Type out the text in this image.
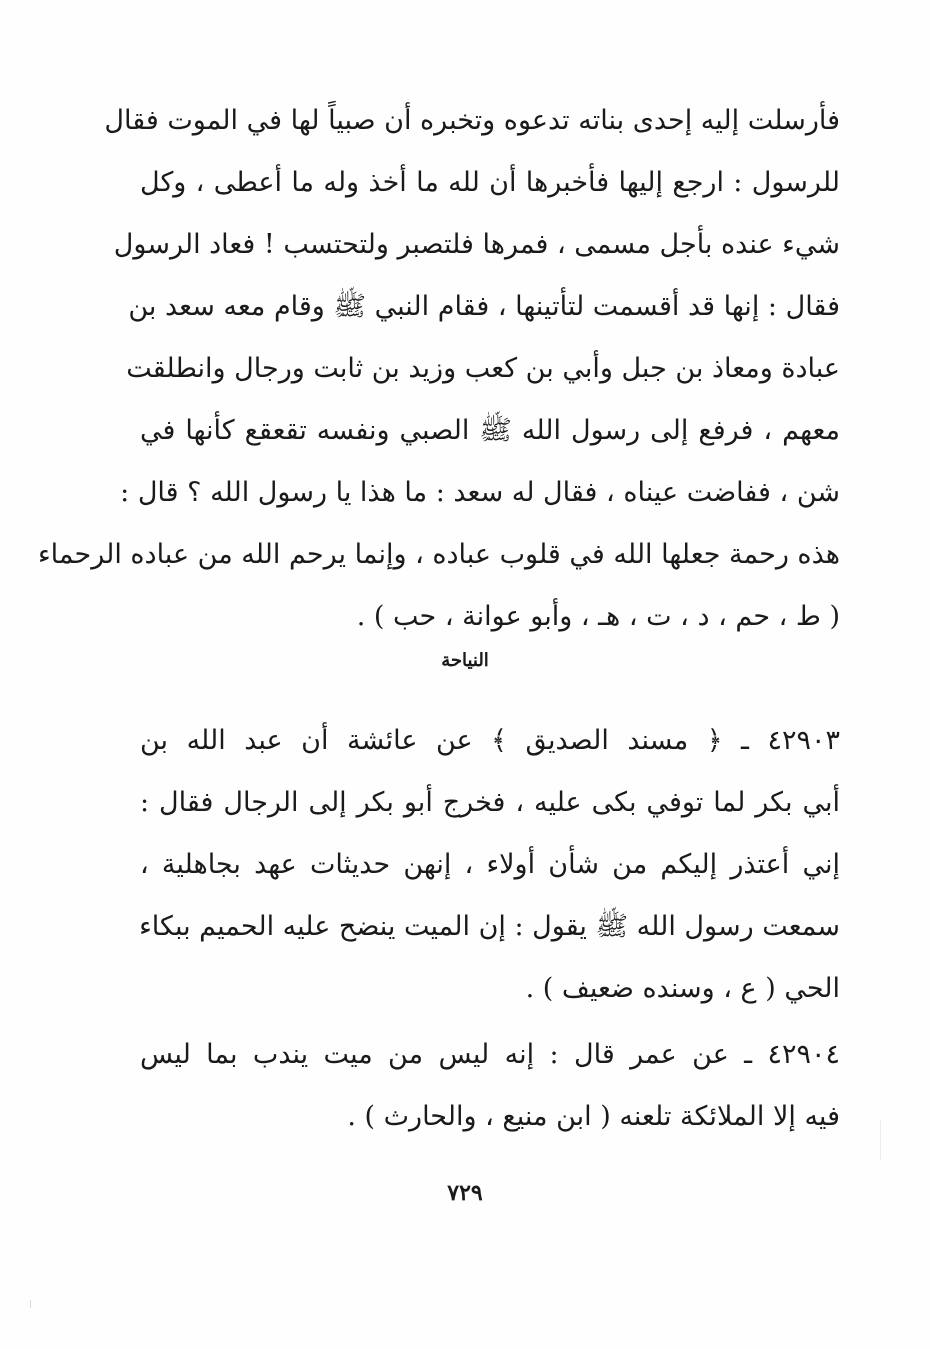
فأرسلت إليه إحدى بناته تدعوه وتخبره أن صبياً لها في الموت فقال
للرسول : ارجع إليها فأخبرها أن لله ما أخذ وله ما أعطى ، وكل
شيء عنده بأجل مسمى ، فمرها فلتصبر ولتحتسب ! فعاد الرسول
فقال : إنها قد أقسمت لتأتينها ، فقام النبي ﷺ وقام معه سعد بن
عبادة ومعاذ بن جبل وأبي بن كعب وزيد بن ثابت ورجال وانطلقت
معهم ، فرفع إلى رسول الله ﷺ الصبي ونفسه تقعقع كأنها في
شن ، ففاضت عيناه ، فقال له سعد : ما هذا يا رسول الله ؟ قال :
هذه رحمة جعلها الله في قلوب عباده ، وإنما يرحم الله من عباده الرحماء
( ط ، حم ، د ، ت ، هـ ، وأبو عوانة ، حب ) .
النياحة
٤٢٩٠٣ ـ ﴿ مسند الصديق ﴾ عن عائشة أن عبد الله بن
أبي بكر لما توفي بكى عليه ، فخرج أبو بكر إلى الرجال فقال :
إني أعتذر إليكم من شأن أولاء ، إنهن حديثات عهد بجاهلية ،
سمعت رسول الله ﷺ يقول : إن الميت ينضح عليه الحميم ببكاء
الحي ( ع ، وسنده ضعيف ) .
٤٢٩٠٤ ـ عن عمر قال : إنه ليس من ميت يندب بما ليس
فيه إلا الملائكة تلعنه ( ابن منيع ، والحارث ) .
٧٢٩
